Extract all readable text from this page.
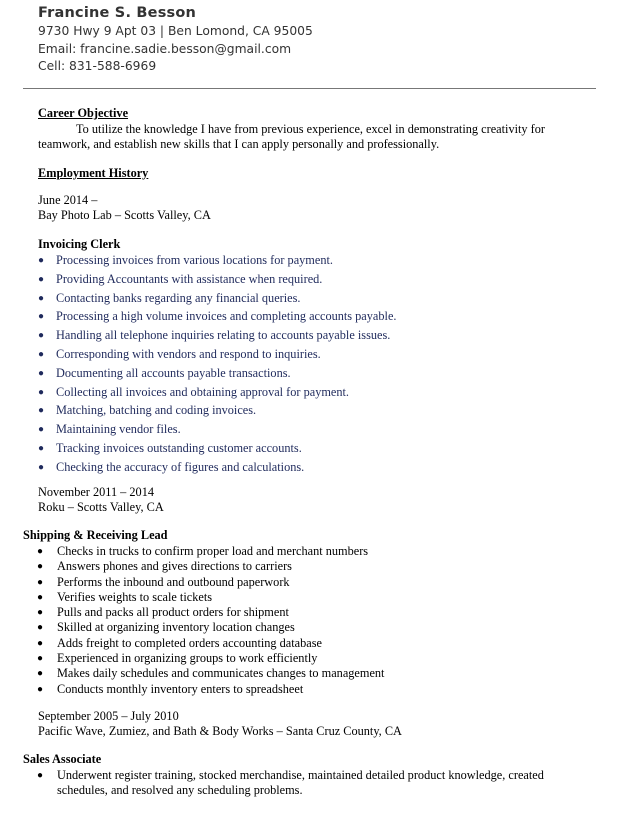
Francine S. Besson
9730 Hwy 9 Apt 03 | Ben Lomond, CA 95005
Email: francine.sadie.besson@gmail.com
Cell: 831-588-6969
Career Objective
To utilize the knowledge I have from previous experience, excel in demonstrating creativity for
teamwork, and establish new skills that I can apply personally and professionally.
Employment History
June 2014 –
Bay Photo Lab – Scotts Valley, CA
Invoicing Clerk
● Processing invoices from various locations for payment.
● Providing Accountants with assistance when required.
● Contacting banks regarding any financial queries.
● Processing a high volume invoices and completing accounts payable.
● Handling all telephone inquiries relating to accounts payable issues.
● Corresponding with vendors and respond to inquiries.
● Documenting all accounts payable transactions.
● Collecting all invoices and obtaining approval for payment.
● Matching, batching and coding invoices.
● Maintaining vendor files.
● Tracking invoices outstanding customer accounts.
● Checking the accuracy of figures and calculations.
November 2011 – 2014
Roku – Scotts Valley, CA
Shipping & Receiving Lead
● Checks in trucks to confirm proper load and merchant numbers
● Answers phones and gives directions to carriers
● Performs the inbound and outbound paperwork
● Verifies weights to scale tickets
● Pulls and packs all product orders for shipment
● Skilled at organizing inventory location changes
● Adds freight to completed orders accounting database
● Experienced in organizing groups to work efficiently
● Makes daily schedules and communicates changes to management
● Conducts monthly inventory enters to spreadsheet
September 2005 – July 2010
Pacific Wave, Zumiez, and Bath & Body Works – Santa Cruz County, CA
Sales Associate
● Underwent register training, stocked merchandise, maintained detailed product knowledge, created
schedules, and resolved any scheduling problems.
